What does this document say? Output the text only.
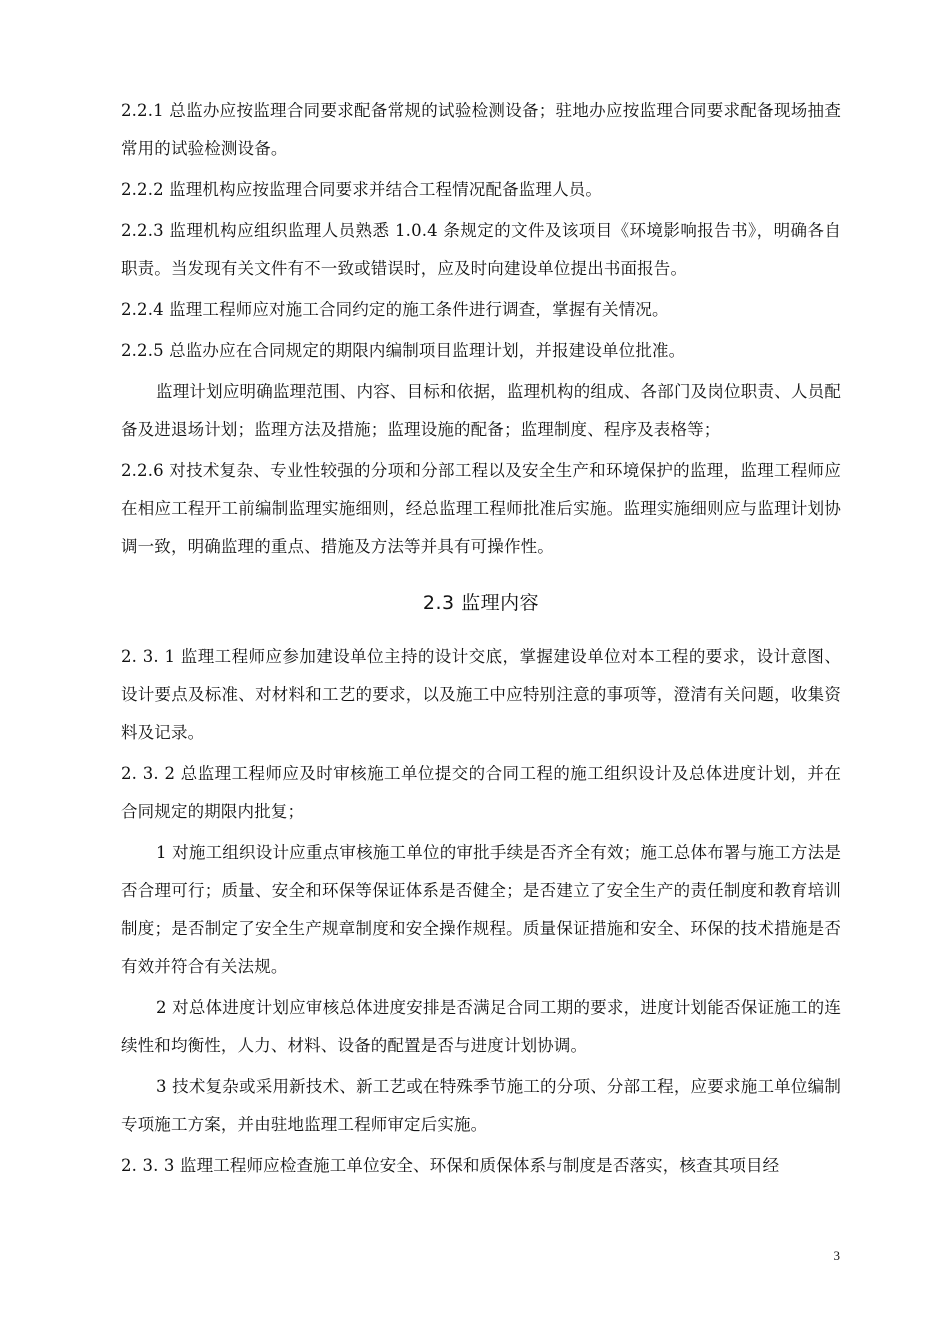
2.2.1 总监办应按监理合同要求配备常规的试验检测设备；驻地办应按监理合同要求配备现场抽查常用的试验检测设备。

2.2.2 监理机构应按监理合同要求并结合工程情况配备监理人员。

2.2.3 监理机构应组织监理人员熟悉 1.0.4 条规定的文件及该项目《环境影响报告书》，明确各自职责。当发现有关文件有不一致或错误时，应及时向建设单位提出书面报告。

2.2.4 监理工程师应对施工合同约定的施工条件进行调查，掌握有关情况。

2.2.5 总监办应在合同规定的期限内编制项目监理计划，并报建设单位批准。

监理计划应明确监理范围、内容、目标和依据，监理机构的组成、各部门及岗位职责、人员配备及进退场计划；监理方法及措施；监理设施的配备；监理制度、程序及表格等；

2.2.6 对技术复杂、专业性较强的分项和分部工程以及安全生产和环境保护的监理，监理工程师应在相应工程开工前编制监理实施细则，经总监理工程师批准后实施。监理实施细则应与监理计划协调一致，明确监理的重点、措施及方法等并具有可操作性。

2.3 监理内容

2. 3. 1 监理工程师应参加建设单位主持的设计交底，掌握建设单位对本工程的要求，设计意图、设计要点及标准、对材料和工艺的要求，以及施工中应特别注意的事项等，澄清有关问题，收集资料及记录。

2. 3. 2 总监理工程师应及时审核施工单位提交的合同工程的施工组织设计及总体进度计划，并在合同规定的期限内批复；

1 对施工组织设计应重点审核施工单位的审批手续是否齐全有效；施工总体布署与施工方法是否合理可行；质量、安全和环保等保证体系是否健全；是否建立了安全生产的责任制度和教育培训制度；是否制定了安全生产规章制度和安全操作规程。质量保证措施和安全、环保的技术措施是否有效并符合有关法规。

2 对总体进度计划应审核总体进度安排是否满足合同工期的要求，进度计划能否保证施工的连续性和均衡性，人力、材料、设备的配置是否与进度计划协调。

3 技术复杂或采用新技术、新工艺或在特殊季节施工的分项、分部工程，应要求施工单位编制专项施工方案，并由驻地监理工程师审定后实施。

2. 3. 3 监理工程师应检查施工单位安全、环保和质保体系与制度是否落实，核查其项目经

3
